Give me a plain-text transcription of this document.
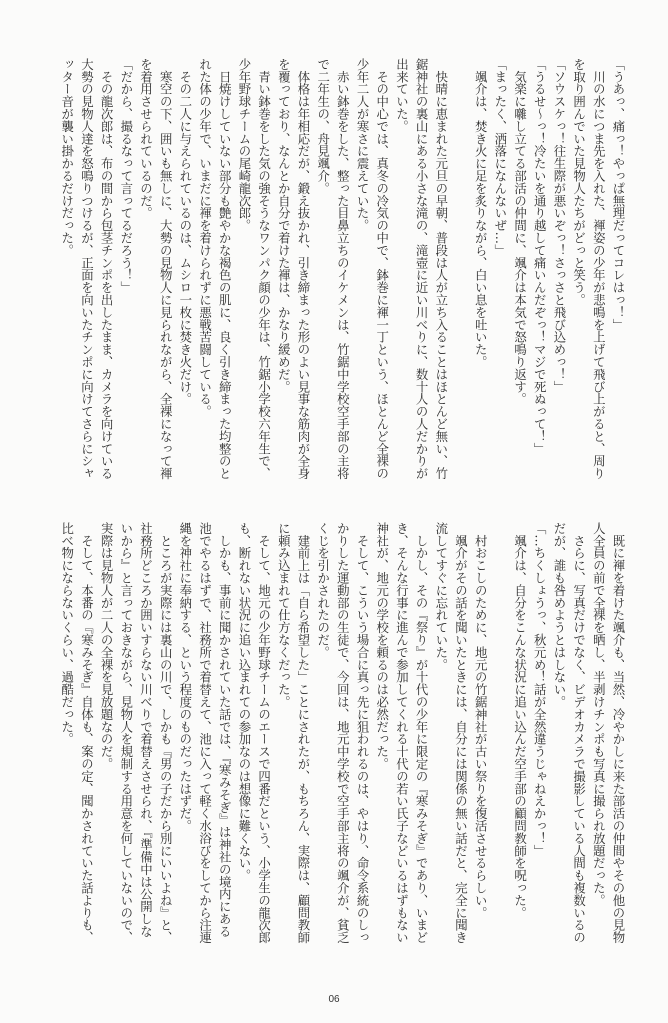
「うあっ、痛っ！やっぱ無理だってコレはっ！」
　川の水につま先を入れた、褌姿の少年が悲鳴を上げて飛び上がると、周り
を取り囲んでいた見物人たちがどっと笑う。
「ソウスケっ！往生際が悪いぞっ！さっさと飛び込めっ！」
「うるせ～っ！冷たいを通り越して痛いんだぞっ！マジで死ぬって！」
　気楽に囃し立てる部活の仲間に、颯介は本気で怒鳴り返す。
「まったく、洒落になんないぜ…」
　颯介は、焚き火に足を炙りながら、白い息を吐いた。
　快晴に恵まれた元旦の早朝、普段は人が立ち入ることはほとんど無い、竹
鋸神社の裏山にある小さな滝の、滝壺に近い川べりに、数十人の人だかりが
出来ていた。
　その中心では、真冬の冷気の中で、鉢巻に褌一丁という、ほとんど全裸の
少年二人が寒さに震えていた。
　赤い鉢巻をした、整った目鼻立ちのイケメンは、竹鋸中学校空手部の主将
で二年生の、舟見颯介。
　体格は年相応だが、鍛え抜かれ、引き締まった形のよい見事な筋肉が全身
を覆っており、なんとか自分で着けた褌は、かなり緩めだ。
　青い鉢巻をした気の強そうなワンパク顔の少年は、竹鋸小学校六年生で、
少年野球チームの尾崎龍次郎。
　日焼けしていない部分も艶やかな褐色の肌に、良く引き締まった均整のと
れた体の少年で、いまだに褌を着けられずに悪戦苦闘している。
　その二人に与えられているのは、ムシロ一枚に焚き火だけ。
　寒空の下、囲いも無しに、大勢の見物人に見られながら、全裸になって褌
を着用させられているのだ。
「だから、撮るなって言ってるだろう！」
　その龍次郎は、布の間から包茎チンポを出したまま、カメラを向けている
大勢の見物人達を怒鳴りつけるが、正面を向いたチンポに向けてさらにシャ
ッター音が襲い掛かるだけだった。
　既に褌を着けた颯介も、当然、冷やかしに来た部活の仲間やその他の見物
人全員の前で全裸を晒し、半剥けチンポも写真に撮られ放題だった。
　さらに、写真だけでなく、ビデオカメラで撮影している人間も複数いるの
だが、誰も咎めようとはしない。
「…ちくしょうっ、秋元め！話が全然違うじゃねえかっ！」
　颯介は、自分をこんな状況に追い込んだ空手部の顧問教師を呪った。
　村おこしのために、地元の竹鋸神社が古い祭りを復活させるらしい。
　颯介がその話を聞いたときには、自分には関係の無い話だと、完全に聞き
流してすぐに忘れていた。
　しかし、その『祭り』が十代の少年に限定の『寒みそぎ』であり、いまど
き、そんな行事に進んで参加してくれる十代の若い氏子などいるはずもない
神社が、地元の学校を頼るのは必然だった。
　そして、こういう場合に真っ先に狙われるのは、やはり、命令系統のしっ
かりした運動部の生徒で、今回は、地元中学校で空手部主将の颯介が、貧乏
くじを引かされたのだ。
　建前上は「自ら希望した」ことにされたが、もちろん、実際は、顧問教師
に頼み込まれて仕方なくだった。
　そして、地元の少年野球チームのエースで四番だという、小学生の龍次郎
も、断れない状況に追い込まれての参加なのは想像に難くない。
　しかも、事前に聞かされていた話では、『寒みそぎ』は神社の境内にある
池でやるはずで、社務所で着替えて、池に入って軽く水浴びをしてから注連
縄を神社に奉納する、という程度のものだったはずだ。
　ところが実際には裏山の川で、しかも『男の子だから別にいいよね』と、
社務所どころか囲いすらない川べりで着替えさせられ、『準備中は公開しな
いから』と言っておきながら、見物人を規制する用意を何していないので、
実際は見物人が二人の全裸を見放題なのだ。
　そして、本番の『寒みそぎ』自体も、案の定、聞かされていた話よりも、
比べ物にならないくらい、過酷だった。
06
